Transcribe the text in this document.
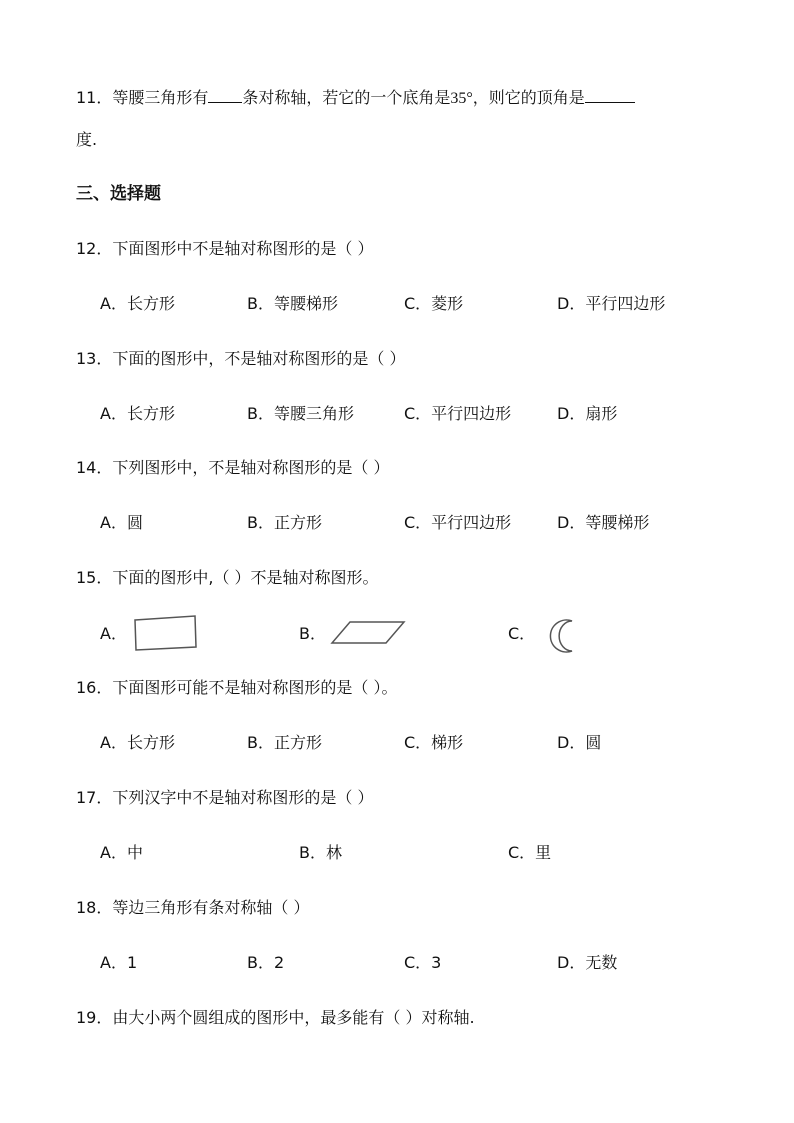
11．等腰三角形有 条对称轴，若它的一个底角是35°，则它的顶角是
度.
三、选择题
12．下面图形中不是轴对称图形的是（ ）
A．长方形	B．等腰梯形	C．菱形	D．平行四边形
13．下面的图形中，不是轴对称图形的是（ ）
A．长方形	B．等腰三角形	C．平行四边形	D．扇形
14．下列图形中，不是轴对称图形的是（ ）
A．圆	B．正方形	C．平行四边形	D．等腰梯形
15．下面的图形中,（ ）不是轴对称图形。
A．	B．	C．
16．下面图形可能不是轴对称图形的是（ ）。
A．长方形	B．正方形	C．梯形	D．圆
17．下列汉字中不是轴对称图形的是（ ）
A．中	B．林	C．里
18．等边三角形有条对称轴（ ）
A．1	B．2	C．3	D．无数
19．由大小两个圆组成的图形中，最多能有（ ）对称轴.
